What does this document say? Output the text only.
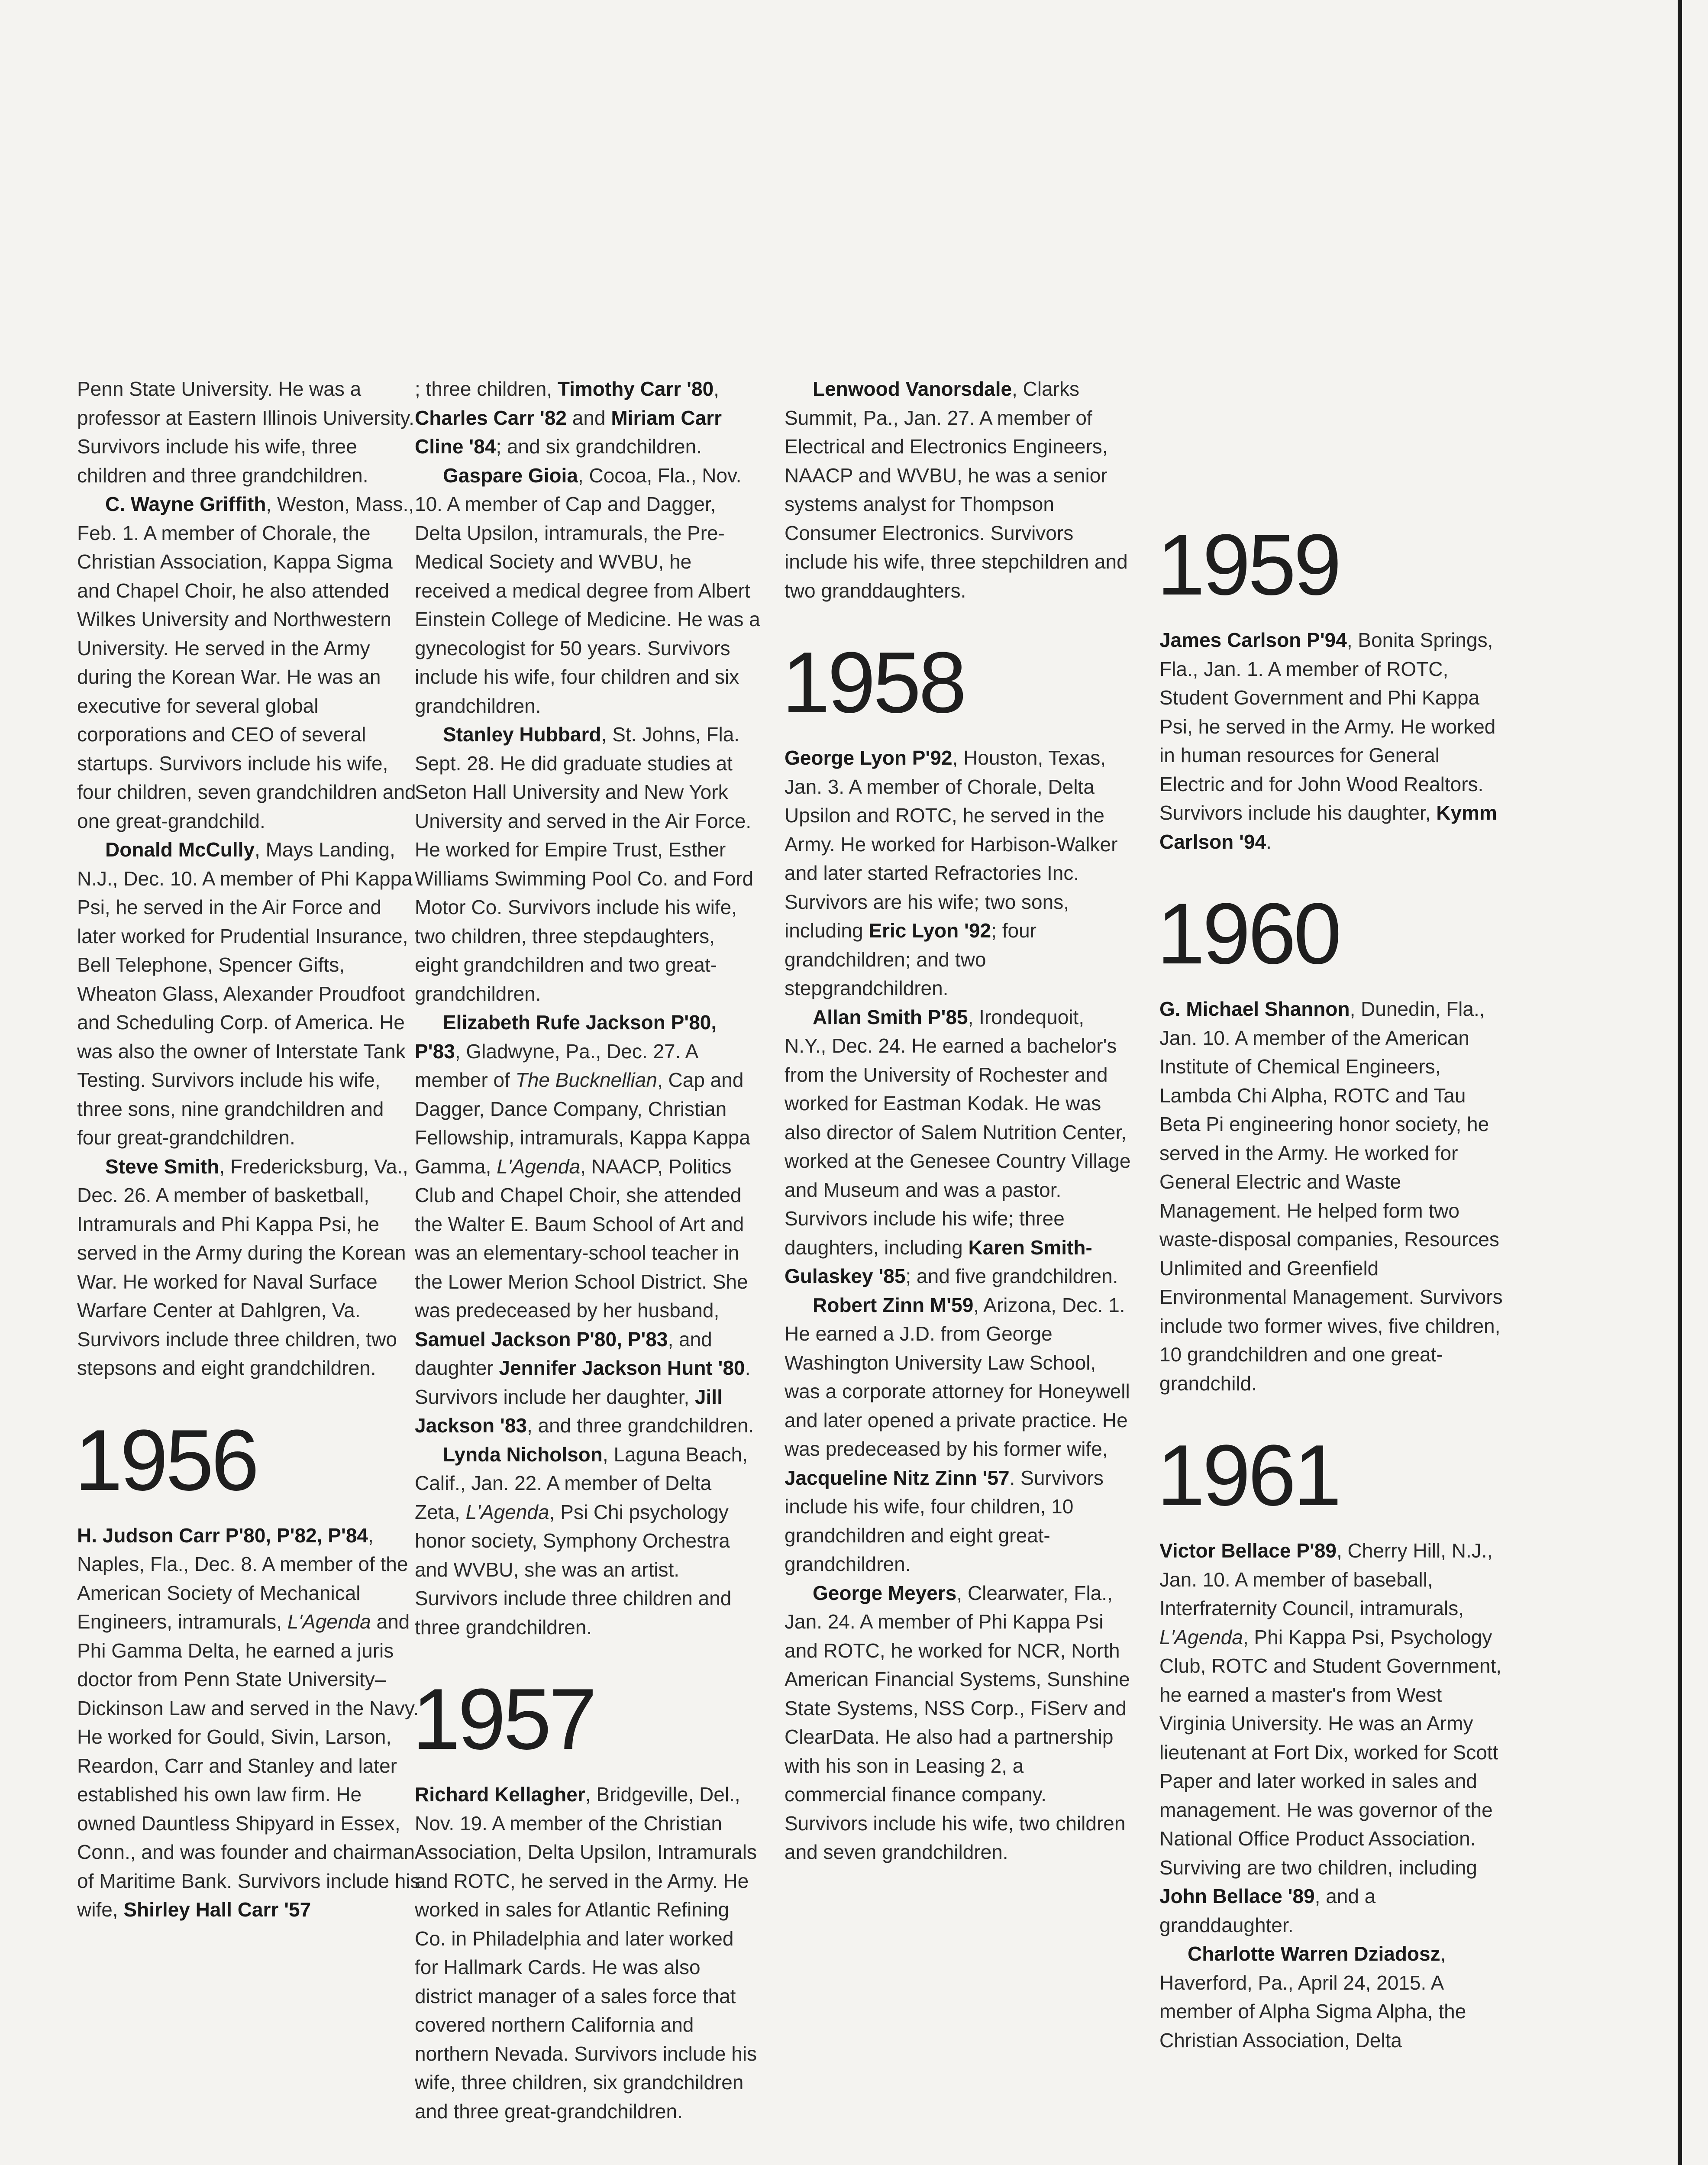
Penn State University. He was a professor at Eastern Illinois University. Survivors include his wife, three children and three grandchildren.

C. Wayne Griffith, Weston, Mass., Feb. 1. A member of Chorale, the Christian Association, Kappa Sigma and Chapel Choir, he also attended Wilkes University and Northwestern University. He served in the Army during the Korean War. He was an executive for several global corporations and CEO of several startups. Survivors include his wife, four children, seven grandchildren and one great-grandchild.

Donald McCully, Mays Landing, N.J., Dec. 10. A member of Phi Kappa Psi, he served in the Air Force and later worked for Prudential Insurance, Bell Telephone, Spencer Gifts, Wheaton Glass, Alexander Proudfoot and Scheduling Corp. of America. He was also the owner of Interstate Tank Testing. Survivors include his wife, three sons, nine grandchildren and four great-grandchildren.

Steve Smith, Fredericksburg, Va., Dec. 26. A member of basketball, Intramurals and Phi Kappa Psi, he served in the Army during the Korean War. He worked for Naval Surface Warfare Center at Dahlgren, Va. Survivors include three children, two stepsons and eight grandchildren.

1956

H. Judson Carr P'80, P'82, P'84, Naples, Fla., Dec. 8. A member of the American Society of Mechanical Engineers, intramurals, L'Agenda and Phi Gamma Delta, he earned a juris doctor from Penn State University–Dickinson Law and served in the Navy. He worked for Gould, Sivin, Larson, Reardon, Carr and Stanley and later established his own law firm. He owned Dauntless Shipyard in Essex, Conn., and was founder and chairman of Maritime Bank. Survivors include his wife, Shirley Hall Carr '57

; three children, Timothy Carr '80, Charles Carr '82 and Miriam Carr Cline '84; and six grandchildren.

Gaspare Gioia, Cocoa, Fla., Nov. 10. A member of Cap and Dagger, Delta Upsilon, intramurals, the Pre-Medical Society and WVBU, he received a medical degree from Albert Einstein College of Medicine. He was a gynecologist for 50 years. Survivors include his wife, four children and six grandchildren.

Stanley Hubbard, St. Johns, Fla. Sept. 28. He did graduate studies at Seton Hall University and New York University and served in the Air Force. He worked for Empire Trust, Esther Williams Swimming Pool Co. and Ford Motor Co. Survivors include his wife, two children, three stepdaughters, eight grandchildren and two great-grandchildren.

Elizabeth Rufe Jackson P'80, P'83, Gladwyne, Pa., Dec. 27. A member of The Bucknellian, Cap and Dagger, Dance Company, Christian Fellowship, intramurals, Kappa Kappa Gamma, L'Agenda, NAACP, Politics Club and Chapel Choir, she attended the Walter E. Baum School of Art and was an elementary-school teacher in the Lower Merion School District. She was predeceased by her husband, Samuel Jackson P'80, P'83, and daughter Jennifer Jackson Hunt '80. Survivors include her daughter, Jill Jackson '83, and three grandchildren.

Lynda Nicholson, Laguna Beach, Calif., Jan. 22. A member of Delta Zeta, L'Agenda, Psi Chi psychology honor society, Symphony Orchestra and WVBU, she was an artist. Survivors include three children and three grandchildren.

1957

Richard Kellagher, Bridgeville, Del., Nov. 19. A member of the Christian Association, Delta Upsilon, Intramurals and ROTC, he served in the Army. He worked in sales for Atlantic Refining Co. in Philadelphia and later worked for Hallmark Cards. He was also district manager of a sales force that covered northern California and northern Nevada. Survivors include his wife, three children, six grandchildren and three great-grandchildren.

Lenwood Vanorsdale, Clarks Summit, Pa., Jan. 27. A member of Electrical and Electronics Engineers, NAACP and WVBU, he was a senior systems analyst for Thompson Consumer Electronics. Survivors include his wife, three stepchildren and two granddaughters.

1958

George Lyon P'92, Houston, Texas, Jan. 3. A member of Chorale, Delta Upsilon and ROTC, he served in the Army. He worked for Harbison-Walker and later started Refractories Inc. Survivors are his wife; two sons, including Eric Lyon '92; four grandchildren; and two stepgrandchildren.

Allan Smith P'85, Irondequoit, N.Y., Dec. 24. He earned a bachelor's from the University of Rochester and worked for Eastman Kodak. He was also director of Salem Nutrition Center, worked at the Genesee Country Village and Museum and was a pastor. Survivors include his wife; three daughters, including Karen Smith-Gulaskey '85; and five grandchildren.

Robert Zinn M'59, Arizona, Dec. 1. He earned a J.D. from George Washington University Law School, was a corporate attorney for Honeywell and later opened a private practice. He was predeceased by his former wife, Jacqueline Nitz Zinn '57. Survivors include his wife, four children, 10 grandchildren and eight great-grandchildren.

George Meyers, Clearwater, Fla., Jan. 24. A member of Phi Kappa Psi and ROTC, he worked for NCR, North American Financial Systems, Sunshine State Systems, NSS Corp., FiServ and ClearData. He also had a partnership with his son in Leasing 2, a commercial finance company. Survivors include his wife, two children and seven grandchildren.

1959

James Carlson P'94, Bonita Springs, Fla., Jan. 1. A member of ROTC, Student Government and Phi Kappa Psi, he served in the Army. He worked in human resources for General Electric and for John Wood Realtors. Survivors include his daughter, Kymm Carlson '94.

1960

G. Michael Shannon, Dunedin, Fla., Jan. 10. A member of the American Institute of Chemical Engineers, Lambda Chi Alpha, ROTC and Tau Beta Pi engineering honor society, he served in the Army. He worked for General Electric and Waste Management. He helped form two waste-disposal companies, Resources Unlimited and Greenfield Environmental Management. Survivors include two former wives, five children, 10 grandchildren and one great-grandchild.

1961

Victor Bellace P'89, Cherry Hill, N.J., Jan. 10. A member of baseball, Interfraternity Council, intramurals, L'Agenda, Phi Kappa Psi, Psychology Club, ROTC and Student Government, he earned a master's from West Virginia University. He was an Army lieutenant at Fort Dix, worked for Scott Paper and later worked in sales and management. He was governor of the National Office Product Association. Surviving are two children, including John Bellace '89, and a granddaughter.

Charlotte Warren Dziadosz, Haverford, Pa., April 24, 2015. A member of Alpha Sigma Alpha, the Christian Association, Delta
